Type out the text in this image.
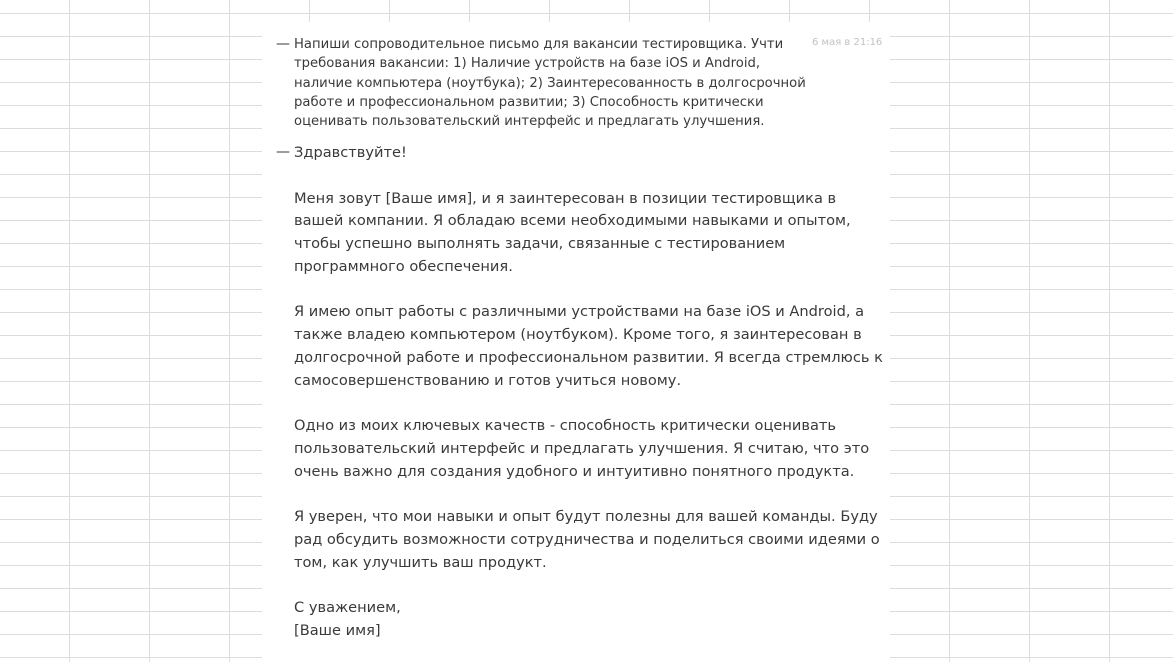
— Напиши сопроводительное письмо для вакансии тестировщика. Учти
требования вакансии: 1) Наличие устройств на базе iOS и Android,
наличие компьютера (ноутбука); 2) Заинтересованность в долгосрочной
работе и профессиональном развитии; 3) Способность критически
оценивать пользовательский интерфейс и предлагать улучшения.
6 мая в 21:16
— Здравствуйте!

Меня зовут [Ваше имя], и я заинтересован в позиции тестировщика в
вашей компании. Я обладаю всеми необходимыми навыками и опытом,
чтобы успешно выполнять задачи, связанные с тестированием
программного обеспечения.

Я имею опыт работы с различными устройствами на базе iOS и Android, а
также владею компьютером (ноутбуком). Кроме того, я заинтересован в
долгосрочной работе и профессиональном развитии. Я всегда стремлюсь к
самосовершенствованию и готов учиться новому.

Одно из моих ключевых качеств - способность критически оценивать
пользовательский интерфейс и предлагать улучшения. Я считаю, что это
очень важно для создания удобного и интуитивно понятного продукта.

Я уверен, что мои навыки и опыт будут полезны для вашей команды. Буду
рад обсудить возможности сотрудничества и поделиться своими идеями о
том, как улучшить ваш продукт.

С уважением,
[Ваше имя]
